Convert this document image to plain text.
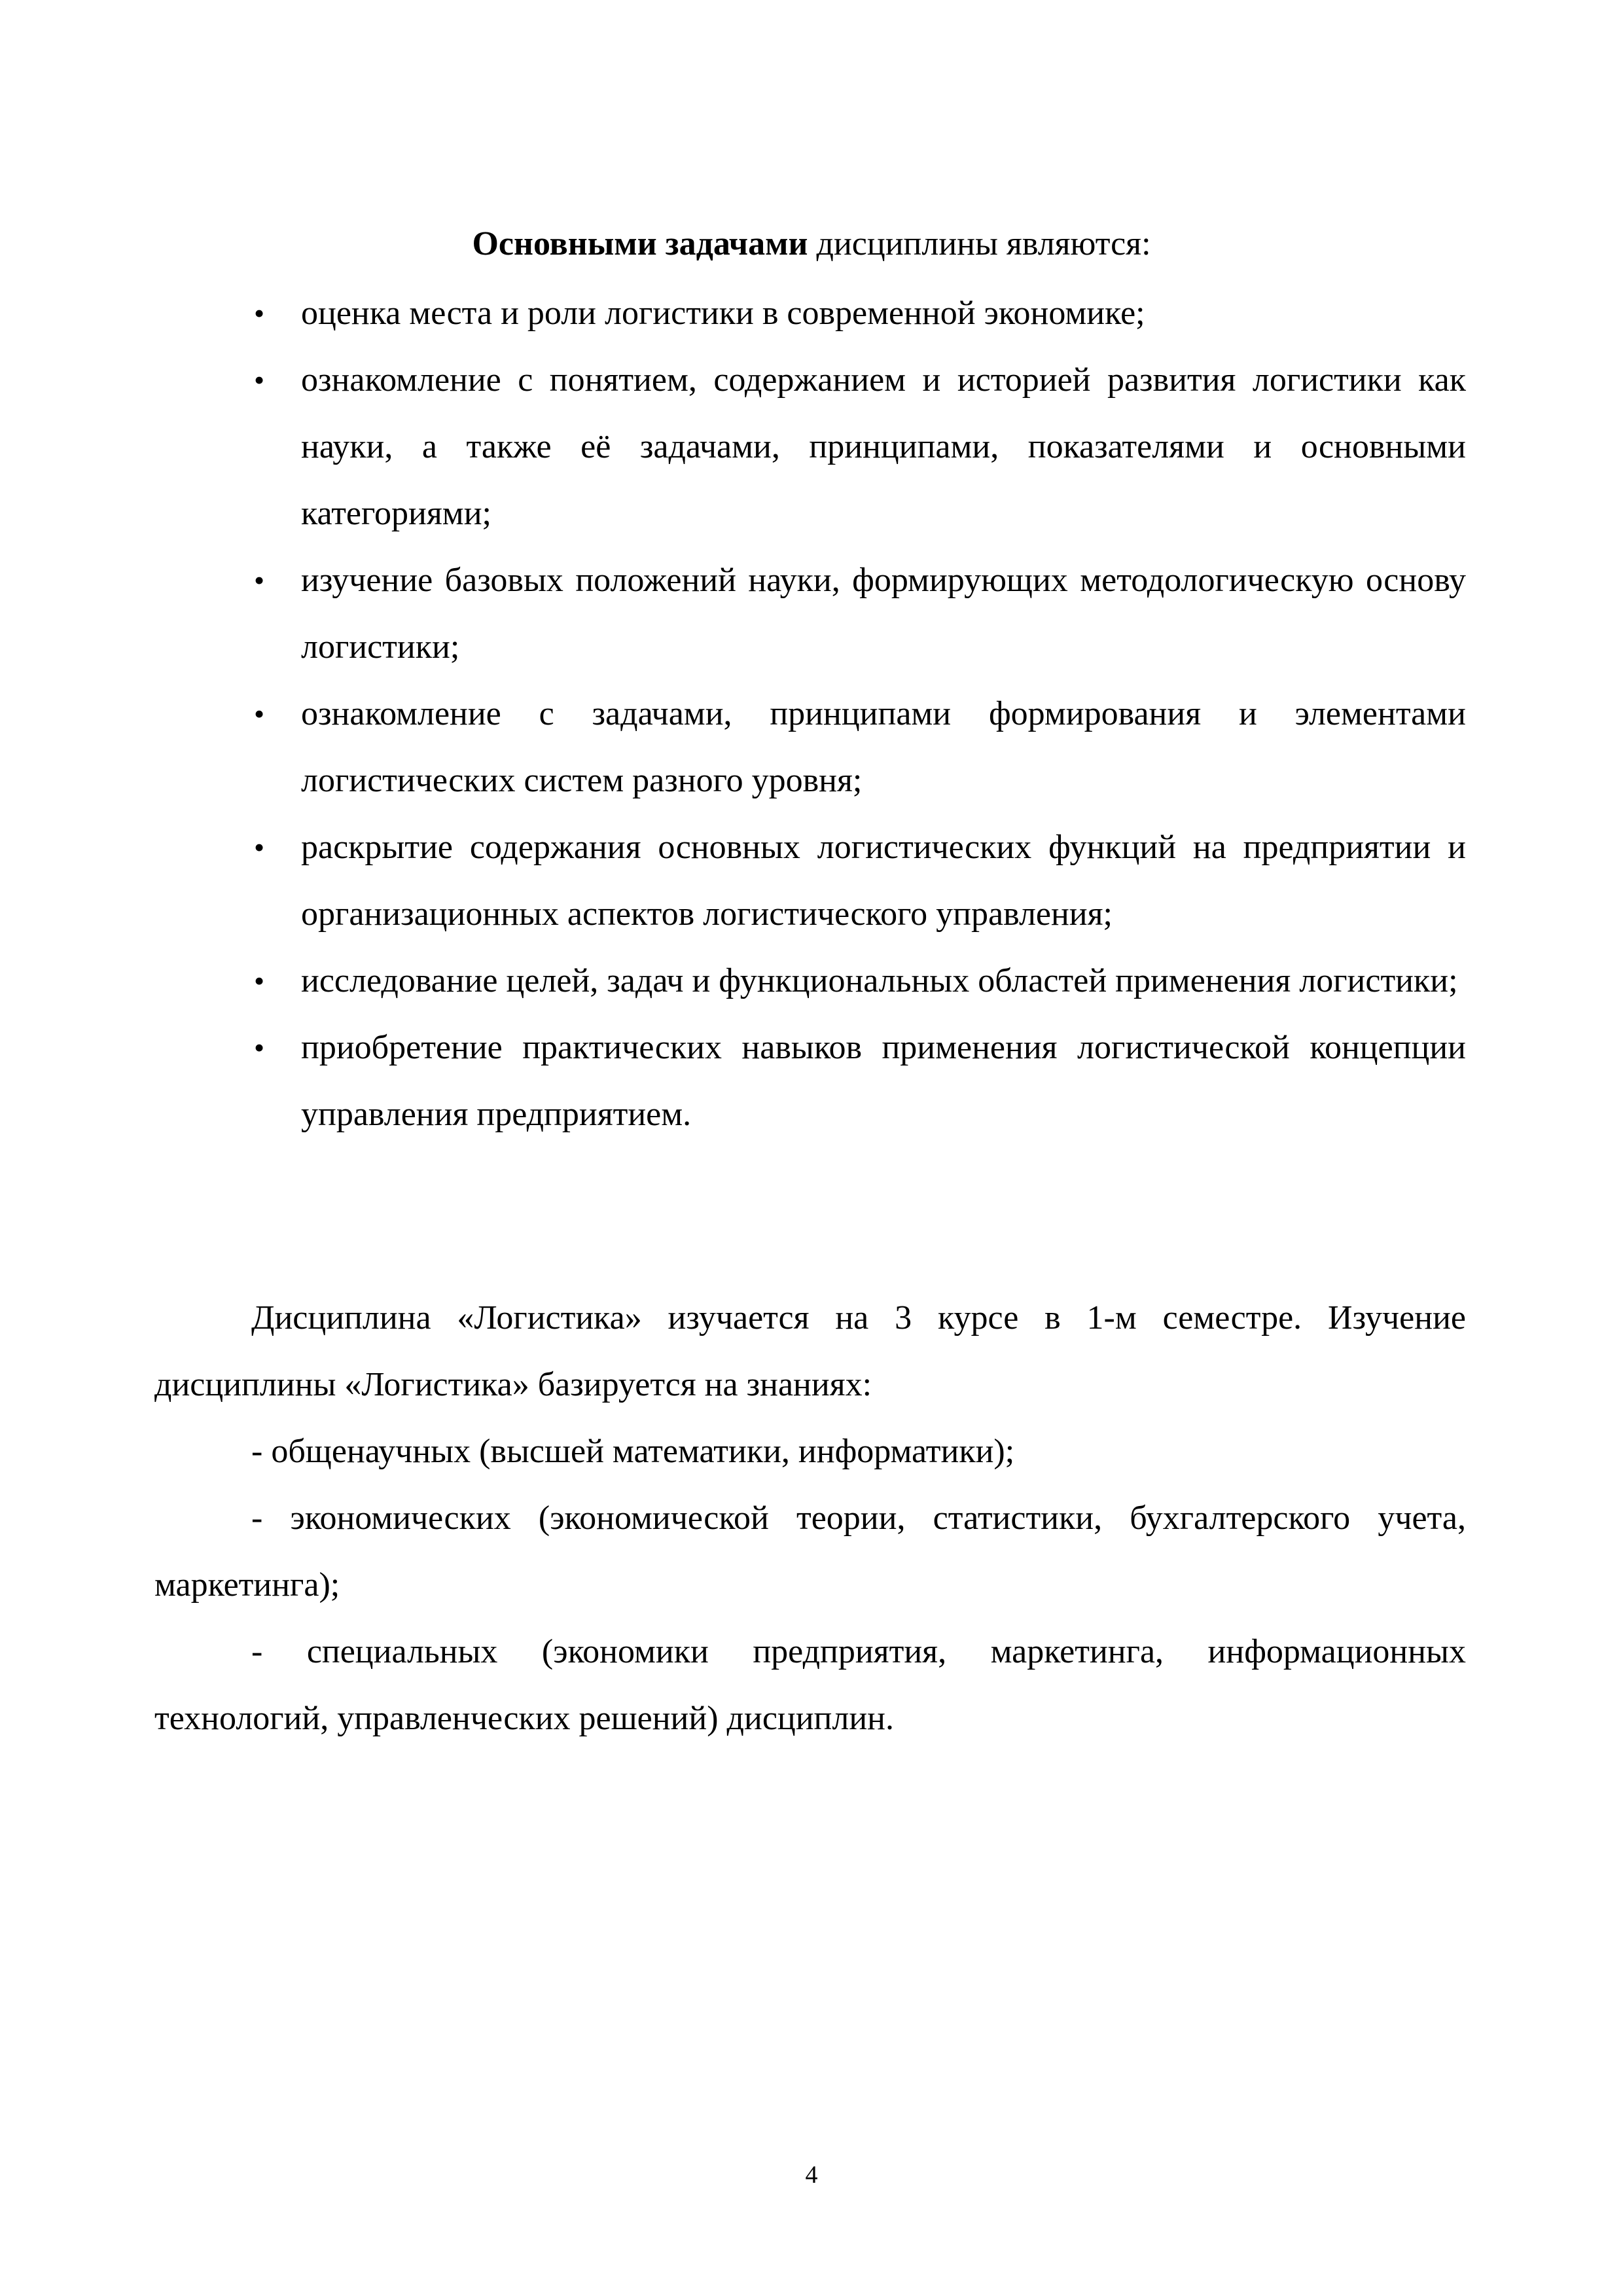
Основными задачами дисциплины являются:

• оценка места и роли логистики в современной экономике;
• ознакомление с понятием, содержанием и историей развития логистики как науки, а также её задачами, принципами, показателями и основными категориями;
• изучение базовых положений науки, формирующих методологическую основу логистики;
• ознакомление с задачами, принципами формирования и элементами логистических систем разного уровня;
• раскрытие содержания основных логистических функций на предприятии и организационных аспектов логистического управления;
• исследование целей, задач и функциональных областей применения логистики;
• приобретение практических навыков применения логистической концепции управления предприятием.

Дисциплина «Логистика» изучается на 3 курсе в 1-м семестре. Изучение дисциплины «Логистика» базируется на знаниях:

- общенаучных (высшей математики, информатики);

- экономических (экономической теории, статистики, бухгалтерского учета, маркетинга);

- специальных (экономики предприятия, маркетинга, информационных технологий, управленческих решений) дисциплин.

4
